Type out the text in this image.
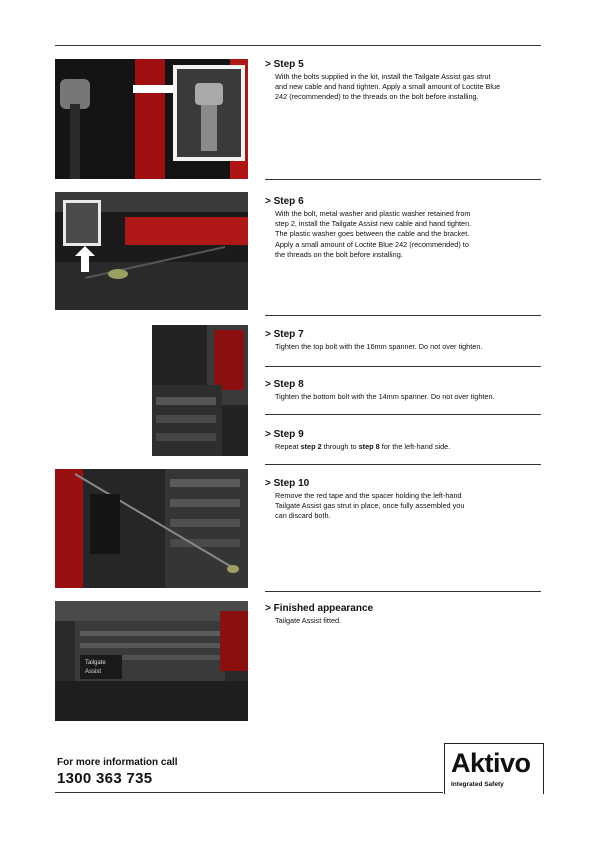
Tailgate
Assist
> Step 5
With the bolts supplied in the kit, install the Tailgate Assist gas strut
and new cable and hand tighten. Apply a small amount of Loctite Blue
242 (recommended) to the threads on the bolt before installing.
> Step 6
With the bolt, metal washer and plastic washer retained from
step 2, install the Tailgate Assist new cable and hand tighten.
The plastic washer goes between the cable and the bracket.
Apply a small amount of Loctite Blue 242 (recommended) to
the threads on the bolt before installing.
> Step 7
Tighten the top bolt with the 16mm spanner. Do not over tighten.
> Step 8
Tighten the bottom bolt with the 14mm spanner. Do not over tighten.
> Step 9
Repeat step 2 through to step 8 for the left-hand side.
> Step 10
Remove the red tape and the spacer holding the left-hand
Tailgate Assist gas strut in place, once fully assembled you
can discard both.
> Finished appearance
Tailgate Assist fitted.
For more information call
1300 363 735
Aktivo
Integrated Safety
